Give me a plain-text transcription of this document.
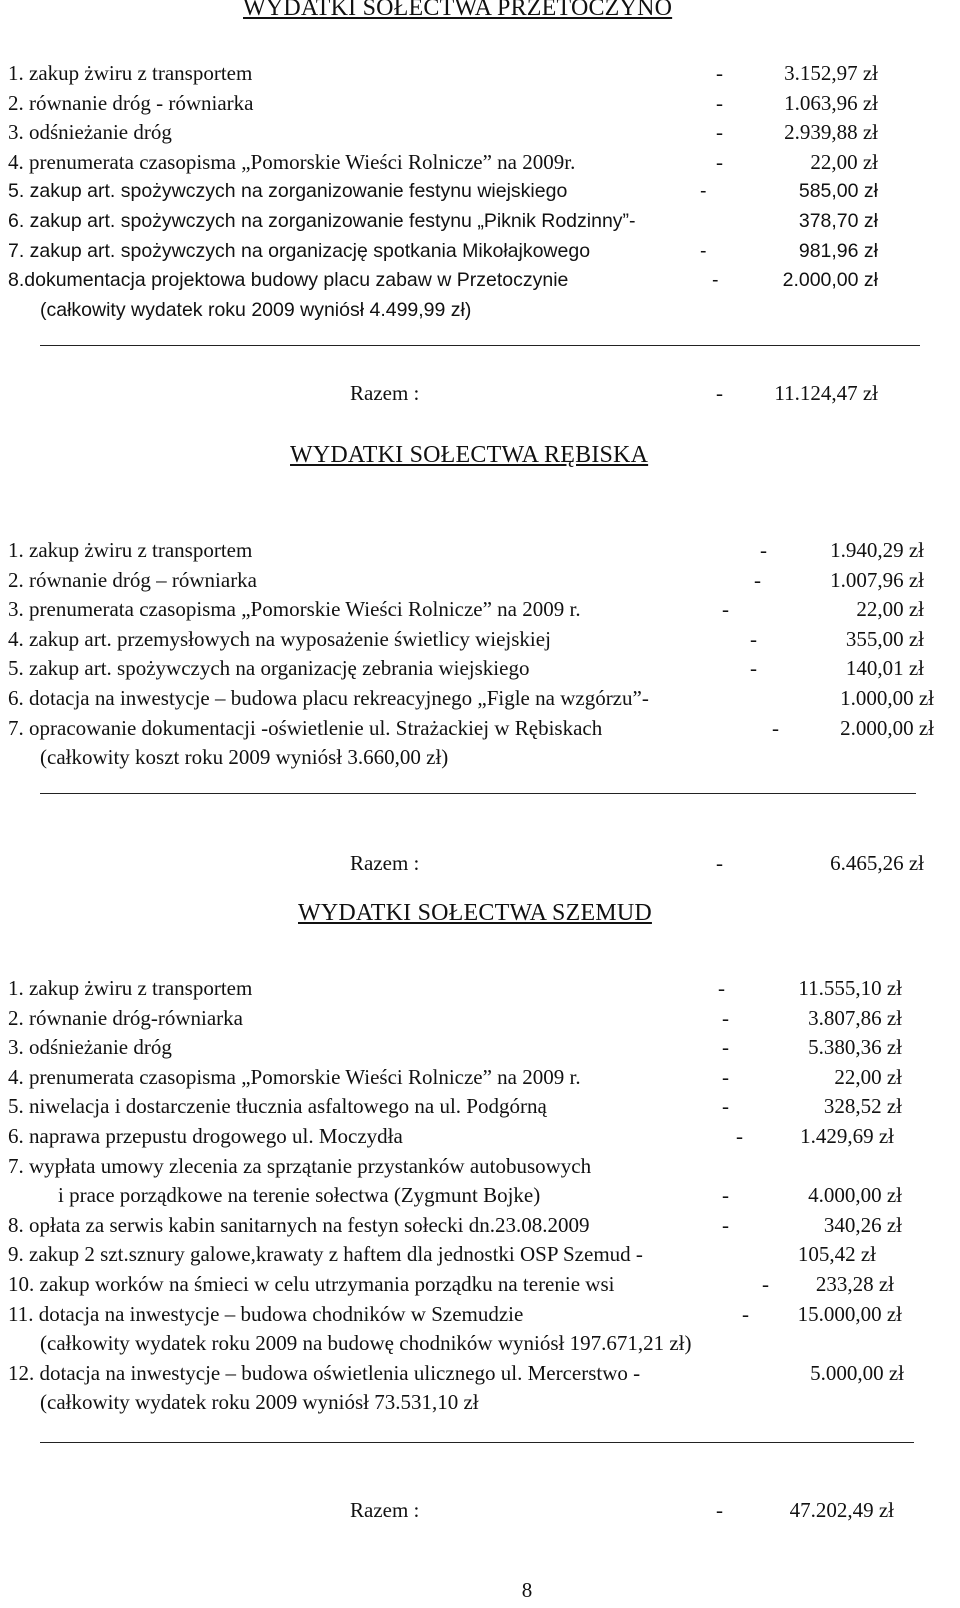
WYDATKI SOŁECTWA PRZETOCZYNO
1. zakup żwiru z transportem	-	3.152,97 zł
2. równanie dróg - równiarka	-	1.063,96 zł
3. odśnieżanie dróg	-	2.939,88 zł
4. prenumerata czasopisma „Pomorskie Wieści Rolnicze” na 2009r.	-	22,00 zł
5. zakup art. spożywczych na zorganizowanie festynu wiejskiego	-	585,00 zł
6. zakup art. spożywczych na zorganizowanie festynu „Piknik Rodzinny”-	378,70 zł
7. zakup art. spożywczych na organizację spotkania Mikołajkowego	-	981,96 zł
8.dokumentacja projektowa budowy placu zabaw w Przetoczynie	-	2.000,00 zł
(całkowity wydatek roku 2009 wyniósł 4.499,99 zł)
Razem :	- 11.124,47 zł
WYDATKI SOŁECTWA RĘBISKA
1. zakup żwiru z transportem	-	1.940,29 zł
2. równanie dróg – równiarka	-	1.007,96 zł
3. prenumerata czasopisma „Pomorskie Wieści Rolnicze” na 2009 r.	-	22,00 zł
4. zakup art. przemysłowych na wyposażenie świetlicy wiejskiej	-	355,00 zł
5. zakup art. spożywczych na organizację zebrania wiejskiego	-	140,01 zł
6. dotacja na inwestycje – budowa placu rekreacyjnego „Figle na wzgórzu”-	1.000,00 zł
7. opracowanie dokumentacji -oświetlenie ul. Strażackiej w Rębiskach	-	2.000,00 zł
(całkowity koszt roku 2009 wyniósł 3.660,00 zł)
Razem :	-	6.465,26 zł
WYDATKI SOŁECTWA SZEMUD
1. zakup żwiru z transportem	-	11.555,10 zł
2. równanie dróg-równiarka	-	3.807,86 zł
3. odśnieżanie dróg	-	5.380,36 zł
4. prenumerata czasopisma „Pomorskie Wieści Rolnicze” na 2009 r.	-	22,00 zł
5. niwelacja i dostarczenie tłucznia asfaltowego na ul. Podgórną	-	328,52 zł
6. naprawa przepustu drogowego ul. Moczydła	-	1.429,69 zł
7. wypłata umowy zlecenia za sprzątanie przystanków autobusowych
i prace porządkowe na terenie sołectwa (Zygmunt Bojke)	-	4.000,00 zł
8. opłata za serwis kabin sanitarnych na festyn sołecki dn.23.08.2009	-	340,26 zł
9. zakup 2 szt.sznury galowe,krawaty z haftem dla jednostki OSP Szemud -	105,42 zł
10. zakup worków na śmieci w celu utrzymania porządku na terenie wsi	- 233,28 zł
11. dotacja na inwestycje – budowa chodników w Szemudzie	- 15.000,00 zł
(całkowity wydatek roku 2009 na budowę chodników wyniósł 197.671,21 zł)
12. dotacja na inwestycje – budowa oświetlenia ulicznego ul. Mercerstwo -	5.000,00 zł
(całkowity wydatek roku 2009 wyniósł 73.531,10 zł
Razem :	-	47.202,49 zł
8
